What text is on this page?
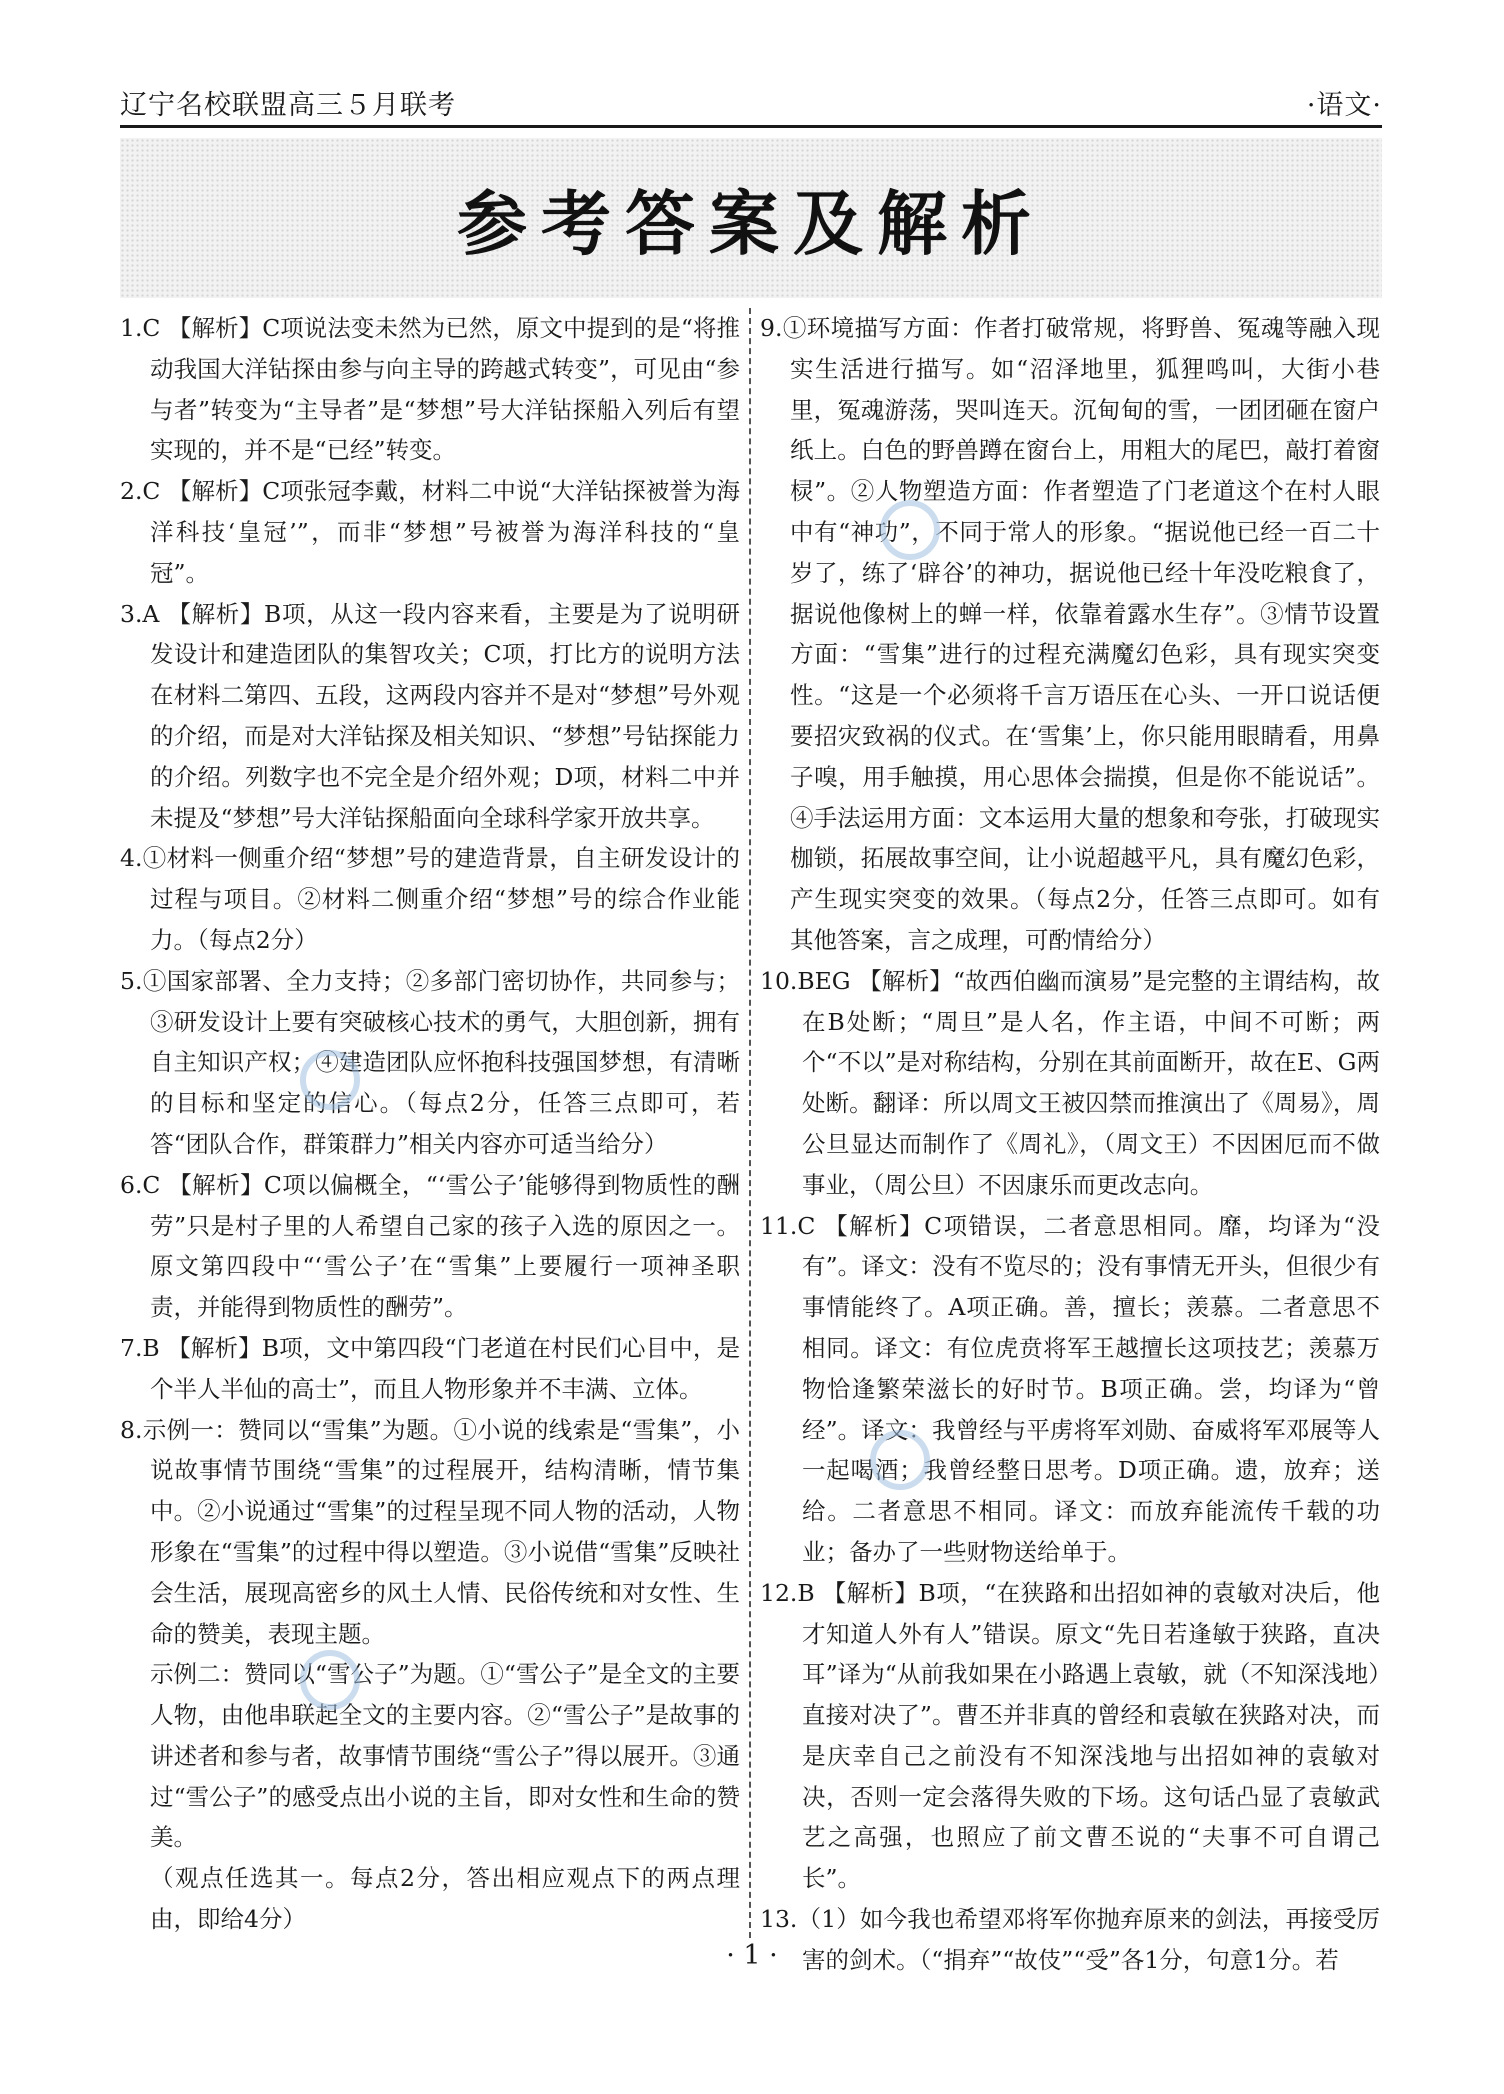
辽宁名校联盟高三５月联考	·语文·
参考答案及解析

1.C 【解析】C项说法变未然为已然，原文中提到的是“将推动我国大洋钻探由参与向主导的跨越式转变”，可见由“参与者”转变为“主导者”是“梦想”号大洋钻探船入列后有望实现的，并不是“已经”转变。

2.C 【解析】C项张冠李戴，材料二中说“大洋钻探被誉为海洋科技‘皇冠’”，而非“梦想”号被誉为海洋科技的“皇冠”。

3.A 【解析】B项，从这一段内容来看，主要是为了说明研发设计和建造团队的集智攻关；C项，打比方的说明方法在材料二第四、五段，这两段内容并不是对“梦想”号外观的介绍，而是对大洋钻探及相关知识、“梦想”号钻探能力的介绍。列数字也不完全是介绍外观；D项，材料二中并未提及“梦想”号大洋钻探船面向全球科学家开放共享。

4.①材料一侧重介绍“梦想”号的建造背景，自主研发设计的过程与项目。②材料二侧重介绍“梦想”号的综合作业能力。（每点2分）

5.①国家部署、全力支持；②多部门密切协作，共同参与；③研发设计上要有突破核心技术的勇气，大胆创新，拥有自主知识产权；④建造团队应怀抱科技强国梦想，有清晰的目标和坚定的信心。（每点2分，任答三点即可，若答“团队合作，群策群力”相关内容亦可适当给分）

6.C 【解析】C项以偏概全，“‘雪公子’能够得到物质性的酬劳”只是村子里的人希望自己家的孩子入选的原因之一。原文第四段中“‘雪公子’在“雪集”上要履行一项神圣职责，并能得到物质性的酬劳”。

7.B 【解析】B项，文中第四段“门老道在村民们心目中，是个半人半仙的高士”，而且人物形象并不丰满、立体。

8.示例一：赞同以“雪集”为题。①小说的线索是“雪集”，小说故事情节围绕“雪集”的过程展开，结构清晰，情节集中。②小说通过“雪集”的过程呈现不同人物的活动，人物形象在“雪集”的过程中得以塑造。③小说借“雪集”反映社会生活，展现高密乡的风土人情、民俗传统和对女性、生命的赞美，表现主题。

示例二：赞同以“雪公子”为题。①“雪公子”是全文的主要人物，由他串联起全文的主要内容。②“雪公子”是故事的讲述者和参与者，故事情节围绕“雪公子”得以展开。③通过“雪公子”的感受点出小说的主旨，即对女性和生命的赞美。

（观点任选其一。每点2分，答出相应观点下的两点理由，即给4分）

9.①环境描写方面：作者打破常规，将野兽、冤魂等融入现实生活进行描写。如“沼泽地里，狐狸鸣叫，大街小巷里，冤魂游荡，哭叫连天。沉甸甸的雪，一团团砸在窗户纸上。白色的野兽蹲在窗台上，用粗大的尾巴，敲打着窗棂”。②人物塑造方面：作者塑造了门老道这个在村人眼中有“神功”，不同于常人的形象。“据说他已经一百二十岁了，练了‘辟谷’的神功，据说他已经十年没吃粮食了，据说他像树上的蝉一样，依靠着露水生存”。③情节设置方面：“雪集”进行的过程充满魔幻色彩，具有现实突变性。“这是一个必须将千言万语压在心头、一开口说话便要招灾致祸的仪式。在‘雪集’上，你只能用眼睛看，用鼻子嗅，用手触摸，用心思体会揣摸，但是你不能说话”。④手法运用方面：文本运用大量的想象和夸张，打破现实枷锁，拓展故事空间，让小说超越平凡，具有魔幻色彩，产生现实突变的效果。（每点2分，任答三点即可。如有其他答案，言之成理，可酌情给分）

10.BEG 【解析】“故西伯幽而演易”是完整的主谓结构，故在B处断；“周旦”是人名，作主语，中间不可断；两个“不以”是对称结构，分别在其前面断开，故在E、G两处断。翻译：所以周文王被囚禁而推演出了《周易》，周公旦显达而制作了《周礼》，（周文王）不因困厄而不做事业，（周公旦）不因康乐而更改志向。

11.C 【解析】C项错误，二者意思相同。靡，均译为“没有”。译文：没有不览尽的；没有事情无开头，但很少有事情能终了。A项正确。善，擅长；羡慕。二者意思不相同。译文：有位虎贲将军王越擅长这项技艺；羡慕万物恰逢繁荣滋长的好时节。B项正确。尝，均译为“曾经”。译文：我曾经与平虏将军刘勋、奋威将军邓展等人一起喝酒；我曾经整日思考。D项正确。遗，放弃；送给。二者意思不相同。译文：而放弃能流传千载的功业；备办了一些财物送给单于。

12.B 【解析】B项，“在狭路和出招如神的袁敏对决后，他才知道人外有人”错误。原文“先日若逢敏于狭路，直决耳”译为“从前我如果在小路遇上袁敏，就（不知深浅地）直接对决了”。曹丕并非真的曾经和袁敏在狭路对决，而是庆幸自己之前没有不知深浅地与出招如神的袁敏对决，否则一定会落得失败的下场。这句话凸显了袁敏武艺之高强，也照应了前文曹丕说的“夫事不可自谓己长”。

13.（1）如今我也希望邓将军你抛弃原来的剑法，再接受厉害的剑术。（“捐弃”“故伎”“受”各1分，句意1分。若

· 1 ·
